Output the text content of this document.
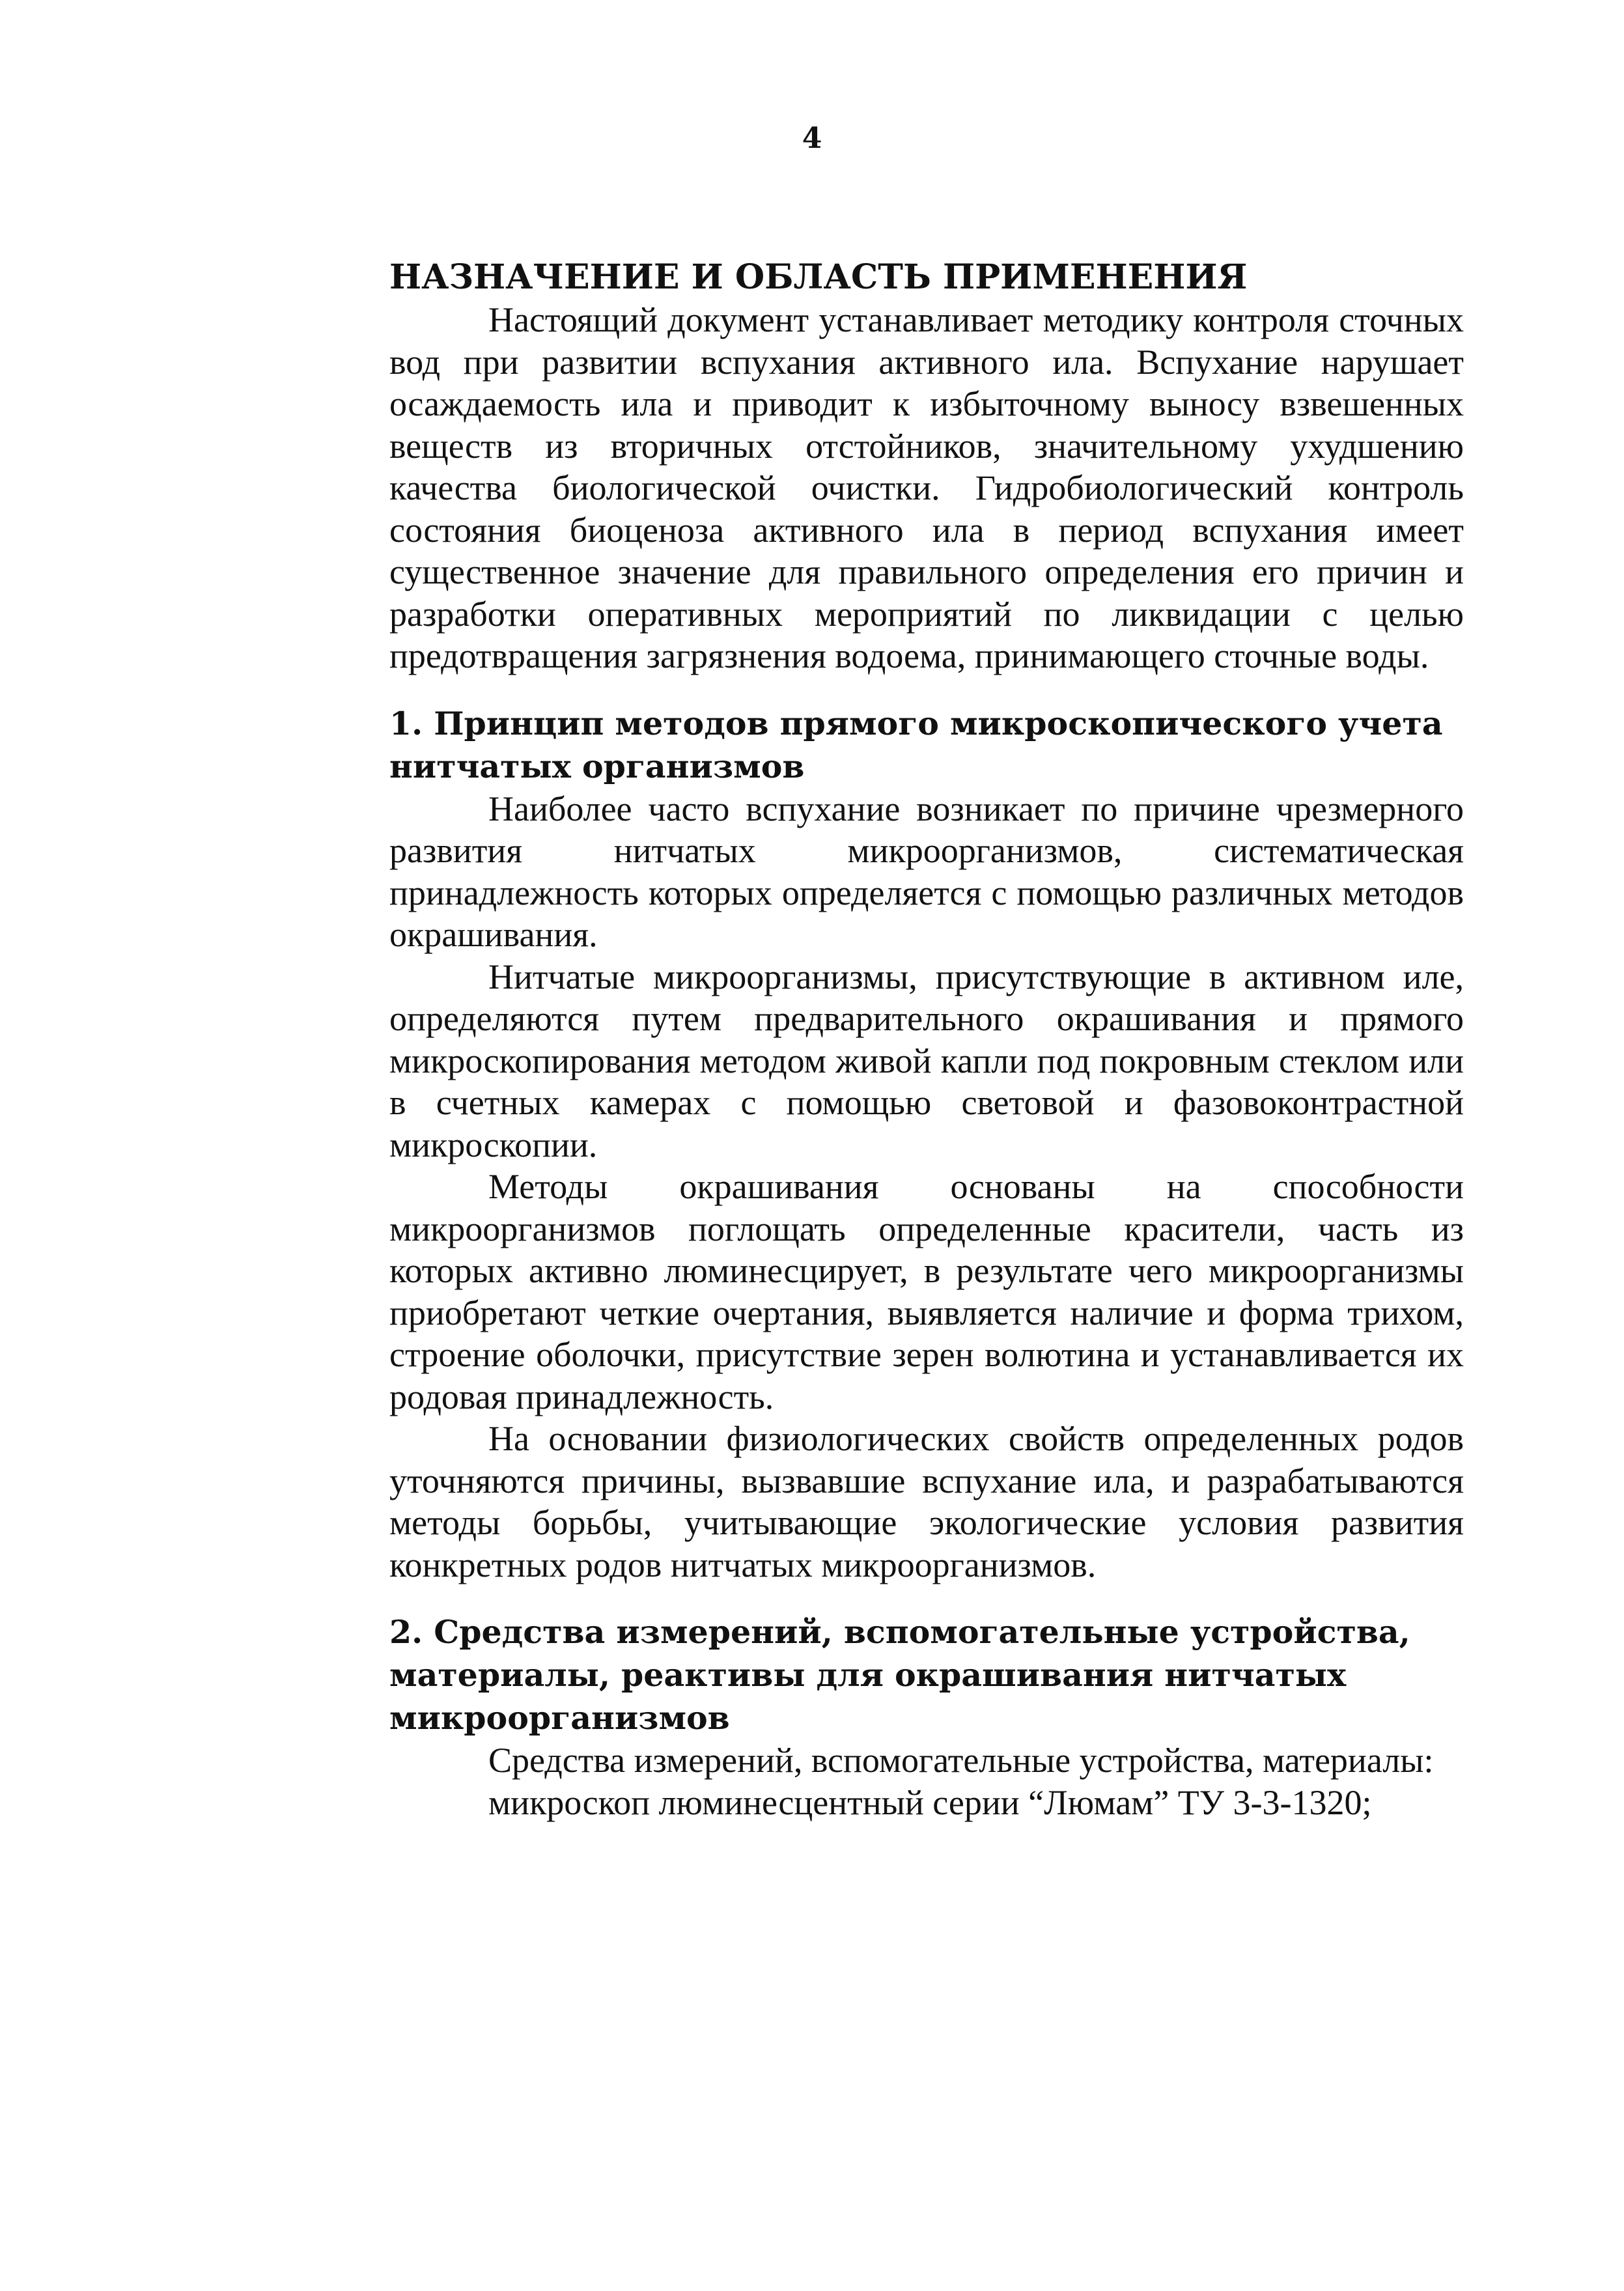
4
НАЗНАЧЕНИЕ И ОБЛАСТЬ ПРИМЕНЕНИЯ

Настоящий документ устанавливает методику контроля сточных вод при развитии вспухания активного ила. Вспухание нарушает осаждаемость ила и приводит к избыточному выносу взвешенных веществ из вторичных отстойников, значительному ухудшению качества биологической очистки. Гидробиологический контроль состояния биоценоза активного ила в период вспухания имеет существенное значение для правильного определения его причин и разработки оперативных мероприятий по ликвидации с целью предотвращения загрязнения водоема, принимающего сточные воды.

1. Принцип методов прямого микроскопического учета нитчатых организмов

Наиболее часто вспухание возникает по причине чрезмерного развития нитчатых микроорганизмов, систематическая принадлежность которых определяется с помощью различных методов окрашивания.

Нитчатые микроорганизмы, присутствующие в активном иле, определяются путем предварительного окрашивания и прямого микроскопирования методом живой капли под покровным стеклом или в счетных камерах с помощью световой и фазовоконтрастной микроскопии.

Методы окрашивания основаны на способности микроорганизмов поглощать определенные красители, часть из которых активно люминесцирует, в результате чего микроорганизмы приобретают четкие очертания, выявляется наличие и форма трихом, строение оболочки, присутствие зерен волютина и устанавливается их родовая принадлежность.

На основании физиологических свойств определенных родов уточняются причины, вызвавшие вспухание ила, и разрабатываются методы борьбы, учитывающие экологические условия развития конкретных родов нитчатых микроорганизмов.

2. Средства измерений, вспомогательные устройства, материалы, реактивы для окрашивания нитчатых микроорганизмов

Средства измерений, вспомогательные устройства, материалы:

микроскоп люминесцентный серии “Люмам” ТУ 3-3-1320;
